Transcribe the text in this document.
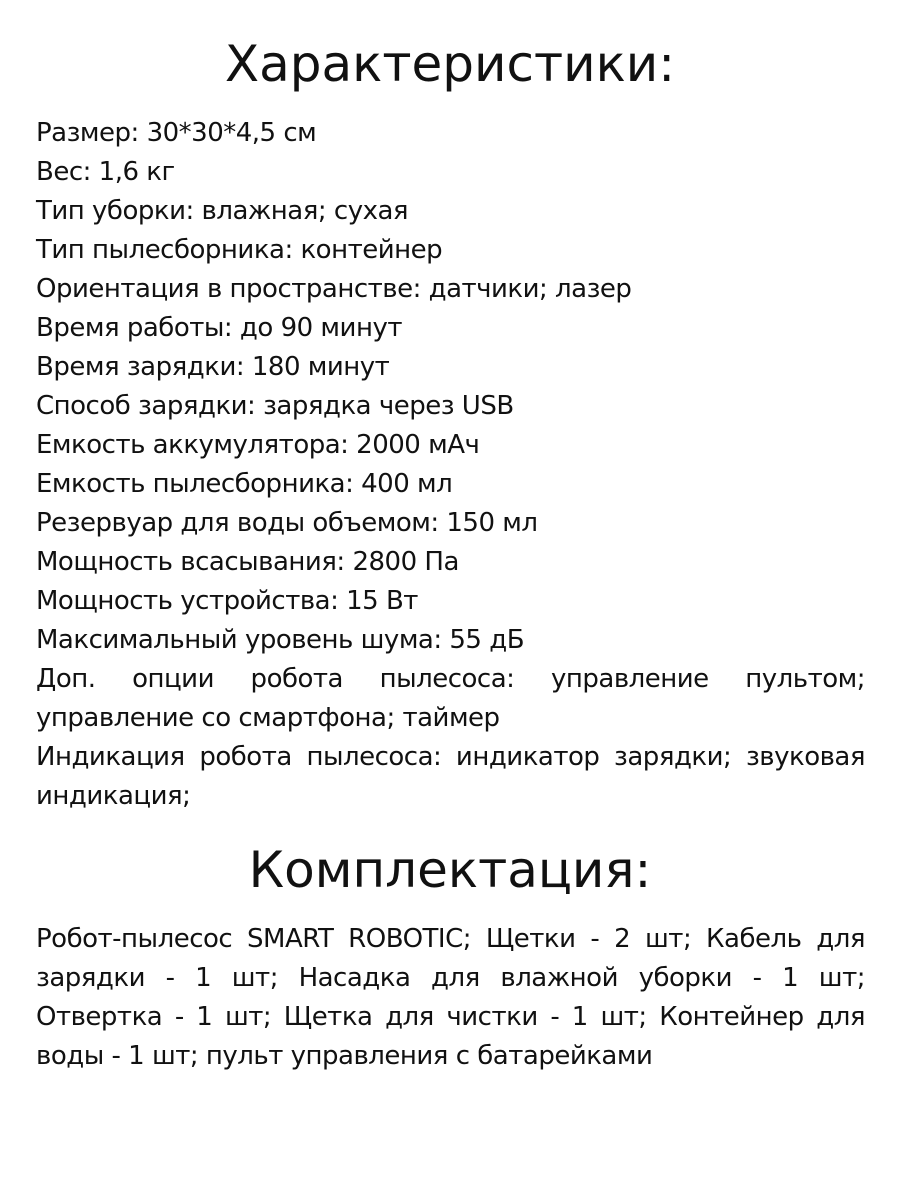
Характеристики:
Размер: 30*30*4,5 см
Вес: 1,6 кг
Тип уборки: влажная; сухая
Тип пылесборника: контейнер
Ориентация в пространстве: датчики; лазер
Время работы: до 90 минут
Время зарядки: 180 минут
Способ зарядки: зарядка через USB
Емкость аккумулятора: 2000 мАч
Емкость пылесборника: 400 мл
Резервуар для воды объемом: 150 мл
Мощность всасывания: 2800 Па
Мощность устройства: 15 Вт
Максимальный уровень шума: 55 дБ
Доп. опции робота пылесоса: управление пультом; управление со смартфона; таймер
Индикация робота пылесоса: индикатор зарядки; звуковая индикация;
Комплектация:

Робот-пылесос SMART ROBOTIC; Щетки - 2 шт; Кабель для зарядки - 1 шт; Насадка для влажной уборки - 1 шт; Отвертка - 1 шт; Щетка для чистки - 1 шт; Контейнер для воды - 1 шт; пульт управления с батарейками
